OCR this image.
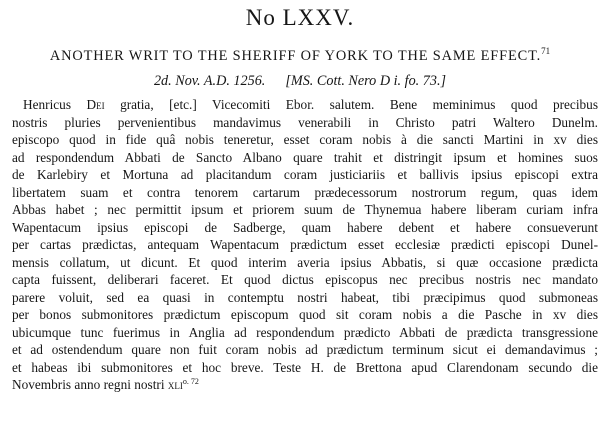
No LXXV.
ANOTHER WRIT TO THE SHERIFF OF YORK TO THE SAME EFFECT.$^{71}$
2d. Nov. A.D. 1256. [MS. Cott. Nero D i. fo. 73.]
Henricus Dei gratia, [etc.] Vicecomiti Ebor. salutem. Bene meminimus quod precibus
nostris pluries pervenientibus mandavimus venerabili in Christo patri Waltero Dunelm.
episcopo quod in fide quâ nobis teneretur, esset coram nobis à die sancti Martini in xv dies
ad respondendum Abbati de Sancto Albano quare trahit et distringit ipsum et homines suos
de Karlebiry et Mortuna ad placitandum coram justiciariis et ballivis ipsius episcopi extra
libertatem suam et contra tenorem cartarum prædecessorum nostrorum regum, quas idem
Abbas habet ; nec permittit ipsum et priorem suum de Thynemua habere liberam curiam infra
Wapentacum ipsius episcopi de Sadberge, quam habere debent et habere consueverunt
per cartas prædictas, antequam Wapentacum prædictum esset ecclesiæ prædicti episcopi Dunel-
mensis collatum, ut dicunt. Et quod interim averia ipsius Abbatis, si quæ occasione prædicta
capta fuissent, deliberari faceret. Et quod dictus episcopus nec precibus nostris nec mandato
parere voluit, sed ea quasi in contemptu nostri habeat, tibi præcipimus quod submoneas
per bonos submonitores prædictum episcopum quod sit coram nobis a die Pasche in xv dies
ubicumque tunc fuerimus in Anglia ad respondendum prædicto Abbati de prædicta transgressione
et ad ostendendum quare non fuit coram nobis ad prædictum terminum sicut ei demandavimus ;
et habeas ibi submonitores et hoc breve. Teste H. de Brettona apud Clarendonam secundo die
Novembris anno regni nostri xli$^{o. 72}$
